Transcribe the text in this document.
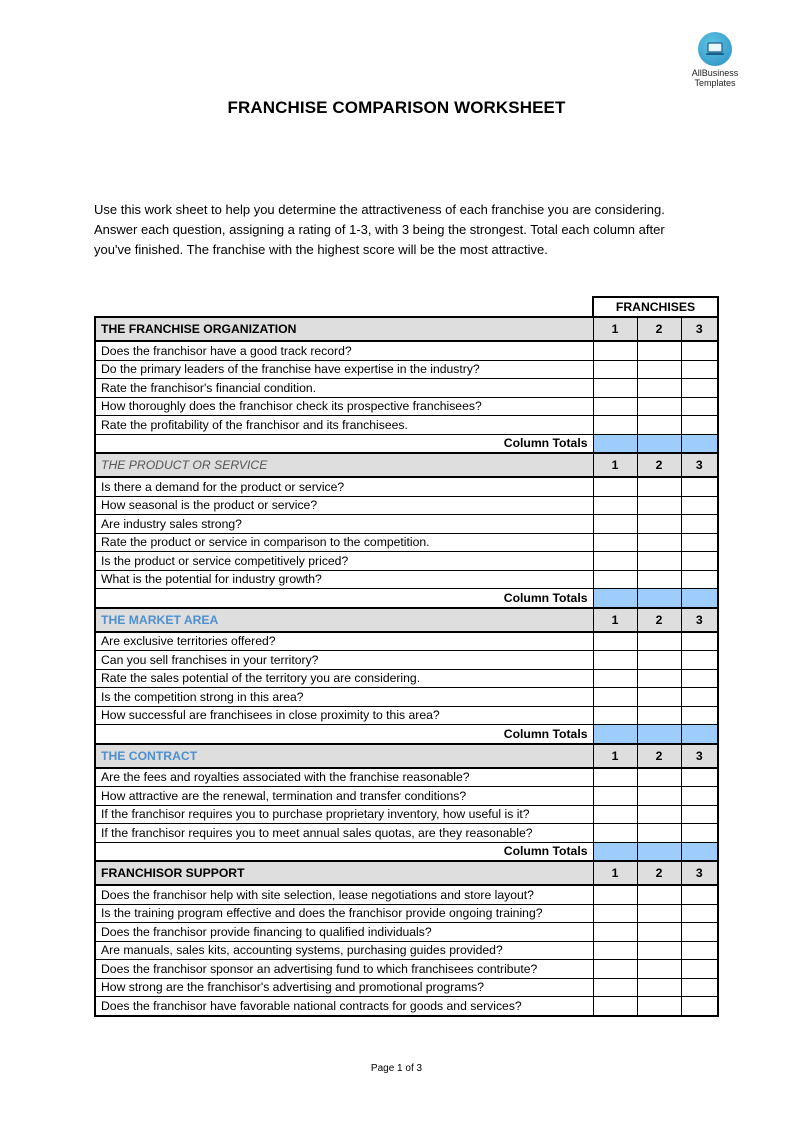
AllBusiness
Templates
FRANCHISE COMPARISON WORKSHEET
Use this work sheet to help you determine the attractiveness of each franchise you are considering. Answer each question, assigning a rating of 1-3, with 3 being the strongest. Total each column after you've finished. The franchise with the highest score will be the most attractive.
	FRANCHISES		
THE FRANCHISE ORGANIZATION	1	2	3
Does the franchisor have a good track record?			
Do the primary leaders of the franchise have expertise in the industry?			
Rate the franchisor's financial condition.			
How thoroughly does the franchisor check its prospective franchisees?			
Rate the profitability of the franchisor and its franchisees.			
Column Totals			
THE PRODUCT OR SERVICE	1	2	3
Is there a demand for the product or service?			
How seasonal is the product or service?			
Are industry sales strong?			
Rate the product or service in comparison to the competition.			
Is the product or service competitively priced?			
What is the potential for industry growth?			
Column Totals			
THE MARKET AREA	1	2	3
Are exclusive territories offered?			
Can you sell franchises in your territory?			
Rate the sales potential of the territory you are considering.			
Is the competition strong in this area?			
How successful are franchisees in close proximity to this area?			
Column Totals			
THE CONTRACT	1	2	3
Are the fees and royalties associated with the franchise reasonable?			
How attractive are the renewal, termination and transfer conditions?			
If the franchisor requires you to purchase proprietary inventory, how useful is it?			
If the franchisor requires you to meet annual sales quotas, are they reasonable?			
Column Totals			
FRANCHISOR SUPPORT	1	2	3
Does the franchisor help with site selection, lease negotiations and store layout?			
Is the training program effective and does the franchisor provide ongoing training?			
Does the franchisor provide financing to qualified individuals?			
Are manuals, sales kits, accounting systems, purchasing guides provided?			
Does the franchisor sponsor an advertising fund to which franchisees contribute?			
How strong are the franchisor's advertising and promotional programs?			
Does the franchisor have favorable national contracts for goods and services?			
Page 1 of 3
